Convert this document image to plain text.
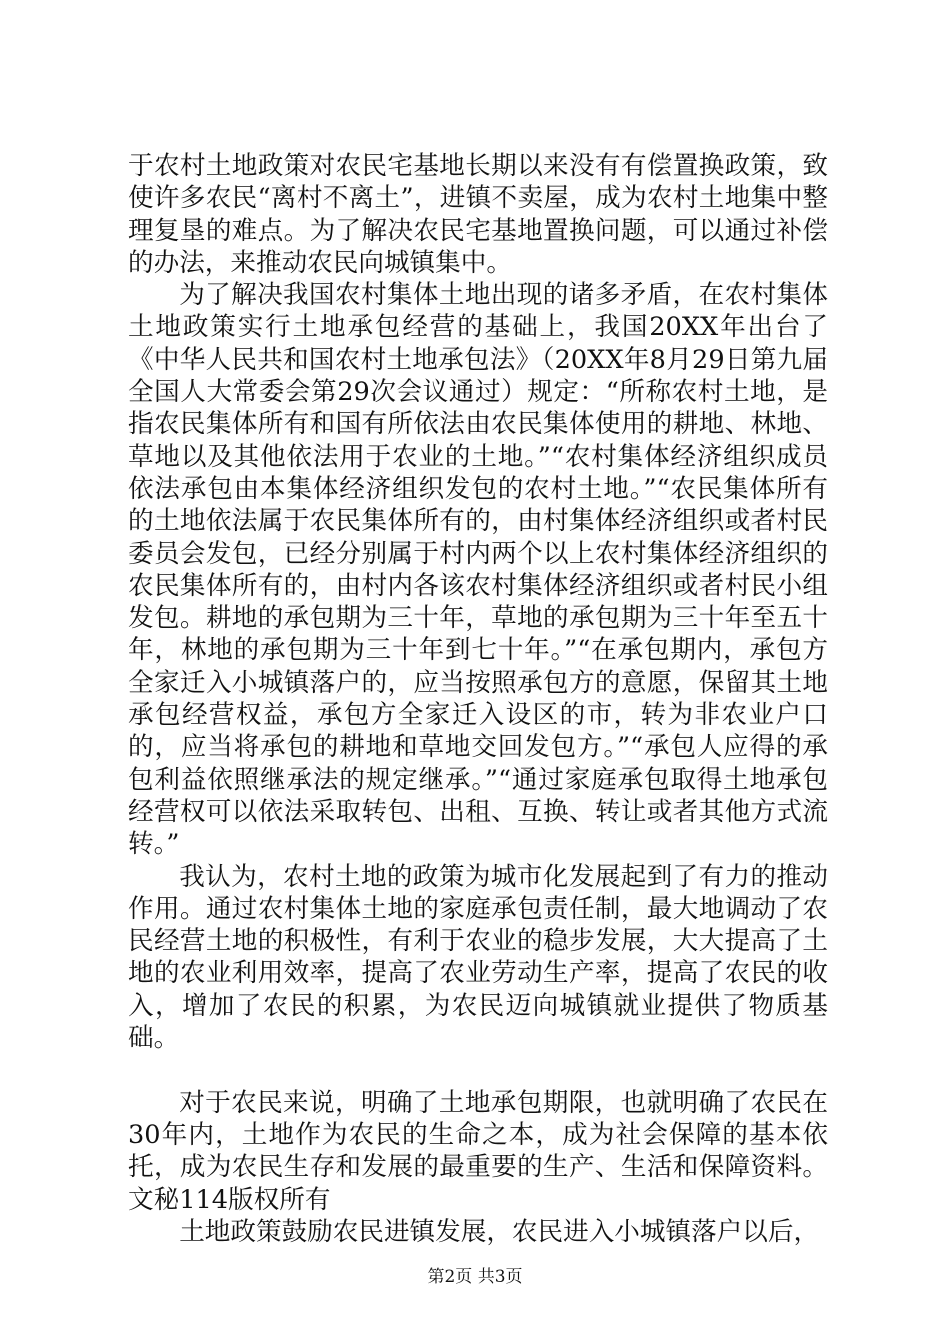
于农村土地政策对农民宅基地长期以来没有有偿置换政策，致使许多农民“离村不离土”，进镇不卖屋，成为农村土地集中整理复垦的难点。为了解决农民宅基地置换问题，可以通过补偿的办法，来推动农民向城镇集中。

为了解决我国农村集体土地出现的诸多矛盾，在农村集体土地政策实行土地承包经营的基础上，我国20XX年出台了《中华人民共和国农村土地承包法》（20XX年8月29日第九届全国人大常委会第29次会议通过）规定：“所称农村土地，是指农民集体所有和国有所依法由农民集体使用的耕地、林地、草地以及其他依法用于农业的土地。”“农村集体经济组织成员依法承包由本集体经济组织发包的农村土地。”“农民集体所有的土地依法属于农民集体所有的，由村集体经济组织或者村民委员会发包，已经分别属于村内两个以上农村集体经济组织的农民集体所有的，由村内各该农村集体经济组织或者村民小组发包。耕地的承包期为三十年，草地的承包期为三十年至五十年，林地的承包期为三十年到七十年。”“在承包期内，承包方全家迁入小城镇落户的，应当按照承包方的意愿，保留其土地承包经营权益，承包方全家迁入设区的市，转为非农业户口的，应当将承包的耕地和草地交回发包方。”“承包人应得的承包利益依照继承法的规定继承。”“通过家庭承包取得土地承包经营权可以依法采取转包、出租、互换、转让或者其他方式流转。”

我认为，农村土地的政策为城市化发展起到了有力的推动作用。通过农村集体土地的家庭承包责任制，最大地调动了农民经营土地的积极性，有利于农业的稳步发展，大大提高了土地的农业利用效率，提高了农业劳动生产率，提高了农民的收入，增加了农民的积累，为农民迈向城镇就业提供了物质基础。

对于农民来说，明确了土地承包期限，也就明确了农民在30年内，土地作为农民的生命之本，成为社会保障的基本依托，成为农民生存和发展的最重要的生产、生活和保障资料。文秘114版权所有

土地政策鼓励农民进镇发展，农民进入小城镇落户以后，

第2页 共3页
